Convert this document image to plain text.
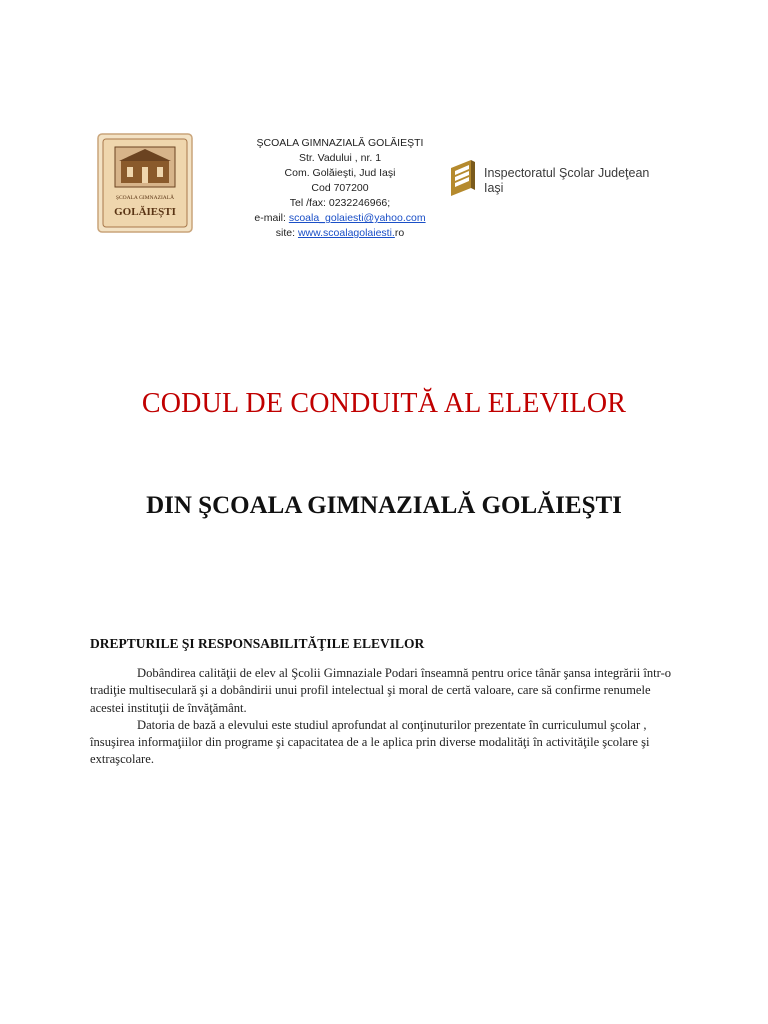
ȘCOALA GIMNAZIALĂ
GOLĂIEȘTI
ŞCOALA GIMNAZIALĂ GOLĂIEŞTI
Str. Vadului , nr. 1
Com. Golăieşti, Jud Iaşi
Cod 707200
Tel /fax: 0232246966;
e-mail: scoala_golaiesti@yahoo.com
site: www.scoalagolaiesti.ro
Inspectoratul Şcolar Judeţean
Iaşi
CODUL DE CONDUITĂ AL ELEVILOR
DIN ŞCOALA GIMNAZIALĂ GOLĂIEŞTI
DREPTURILE ŞI RESPONSABILITĂŢILE ELEVILOR

Dobândirea calităţii de elev al Şcolii Gimnaziale Podari înseamnă pentru orice tânăr şansa integrării într-o tradiţie multiseculară şi a dobândirii unui profil intelectual şi moral de certă valoare, care să confirme renumele acestei instituţii de învăţământ.

Datoria de bază a elevului este studiul aprofundat al conţinuturilor prezentate în curriculumul şcolar , însuşirea informaţiilor din programe şi capacitatea de a le aplica prin diverse modalităţi în activităţile şcolare şi extraşcolare.
